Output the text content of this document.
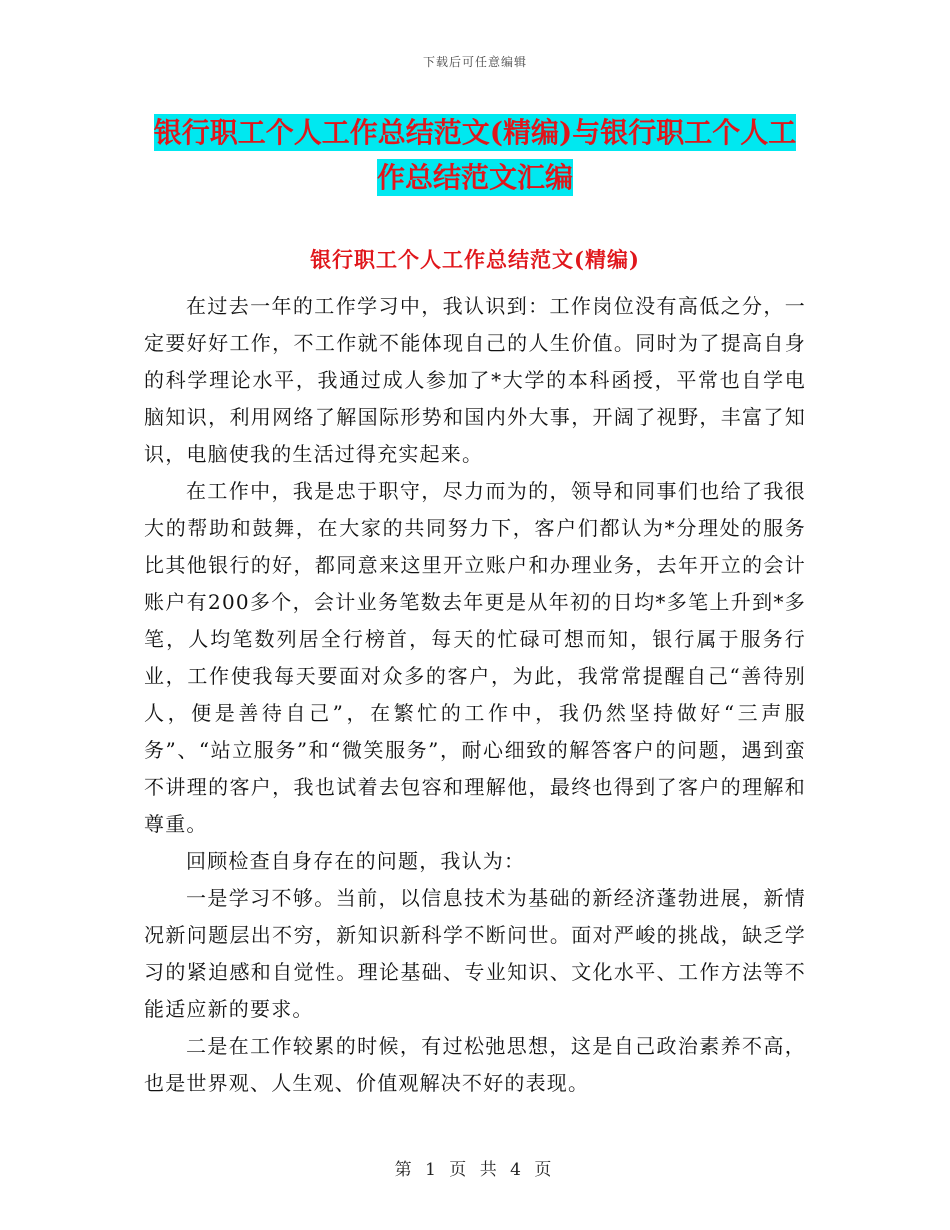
下载后可任意编辑
银行职工个人工作总结范文(精编)与银行职工个人工
作总结范文汇编
银行职工个人工作总结范文(精编)

在过去一年的工作学习中，我认识到：工作岗位没有高低之分，一定要好好工作，不工作就不能体现自己的人生价值。同时为了提高自身的科学理论水平，我通过成人参加了*大学的本科函授，平常也自学电脑知识，利用网络了解国际形势和国内外大事，开阔了视野，丰富了知识，电脑使我的生活过得充实起来。

在工作中，我是忠于职守，尽力而为的，领导和同事们也给了我很大的帮助和鼓舞，在大家的共同努力下，客户们都认为*分理处的服务比其他银行的好，都同意来这里开立账户和办理业务，去年开立的会计账户有200多个，会计业务笔数去年更是从年初的日均*多笔上升到*多笔，人均笔数列居全行榜首，每天的忙碌可想而知，银行属于服务行业，工作使我每天要面对众多的客户，为此，我常常提醒自己“善待别人，便是善待自己”，在繁忙的工作中，我仍然坚持做好“三声服务”、“站立服务”和“微笑服务”，耐心细致的解答客户的问题，遇到蛮不讲理的客户，我也试着去包容和理解他，最终也得到了客户的理解和尊重。

回顾检查自身存在的问题，我认为：

一是学习不够。当前，以信息技术为基础的新经济蓬勃进展，新情况新问题层出不穷，新知识新科学不断问世。面对严峻的挑战，缺乏学习的紧迫感和自觉性。理论基础、专业知识、文化水平、工作方法等不能适应新的要求。

二是在工作较累的时候，有过松弛思想，这是自己政治素养不高，也是世界观、人生观、价值观解决不好的表现。

第 1 页 共 4 页
